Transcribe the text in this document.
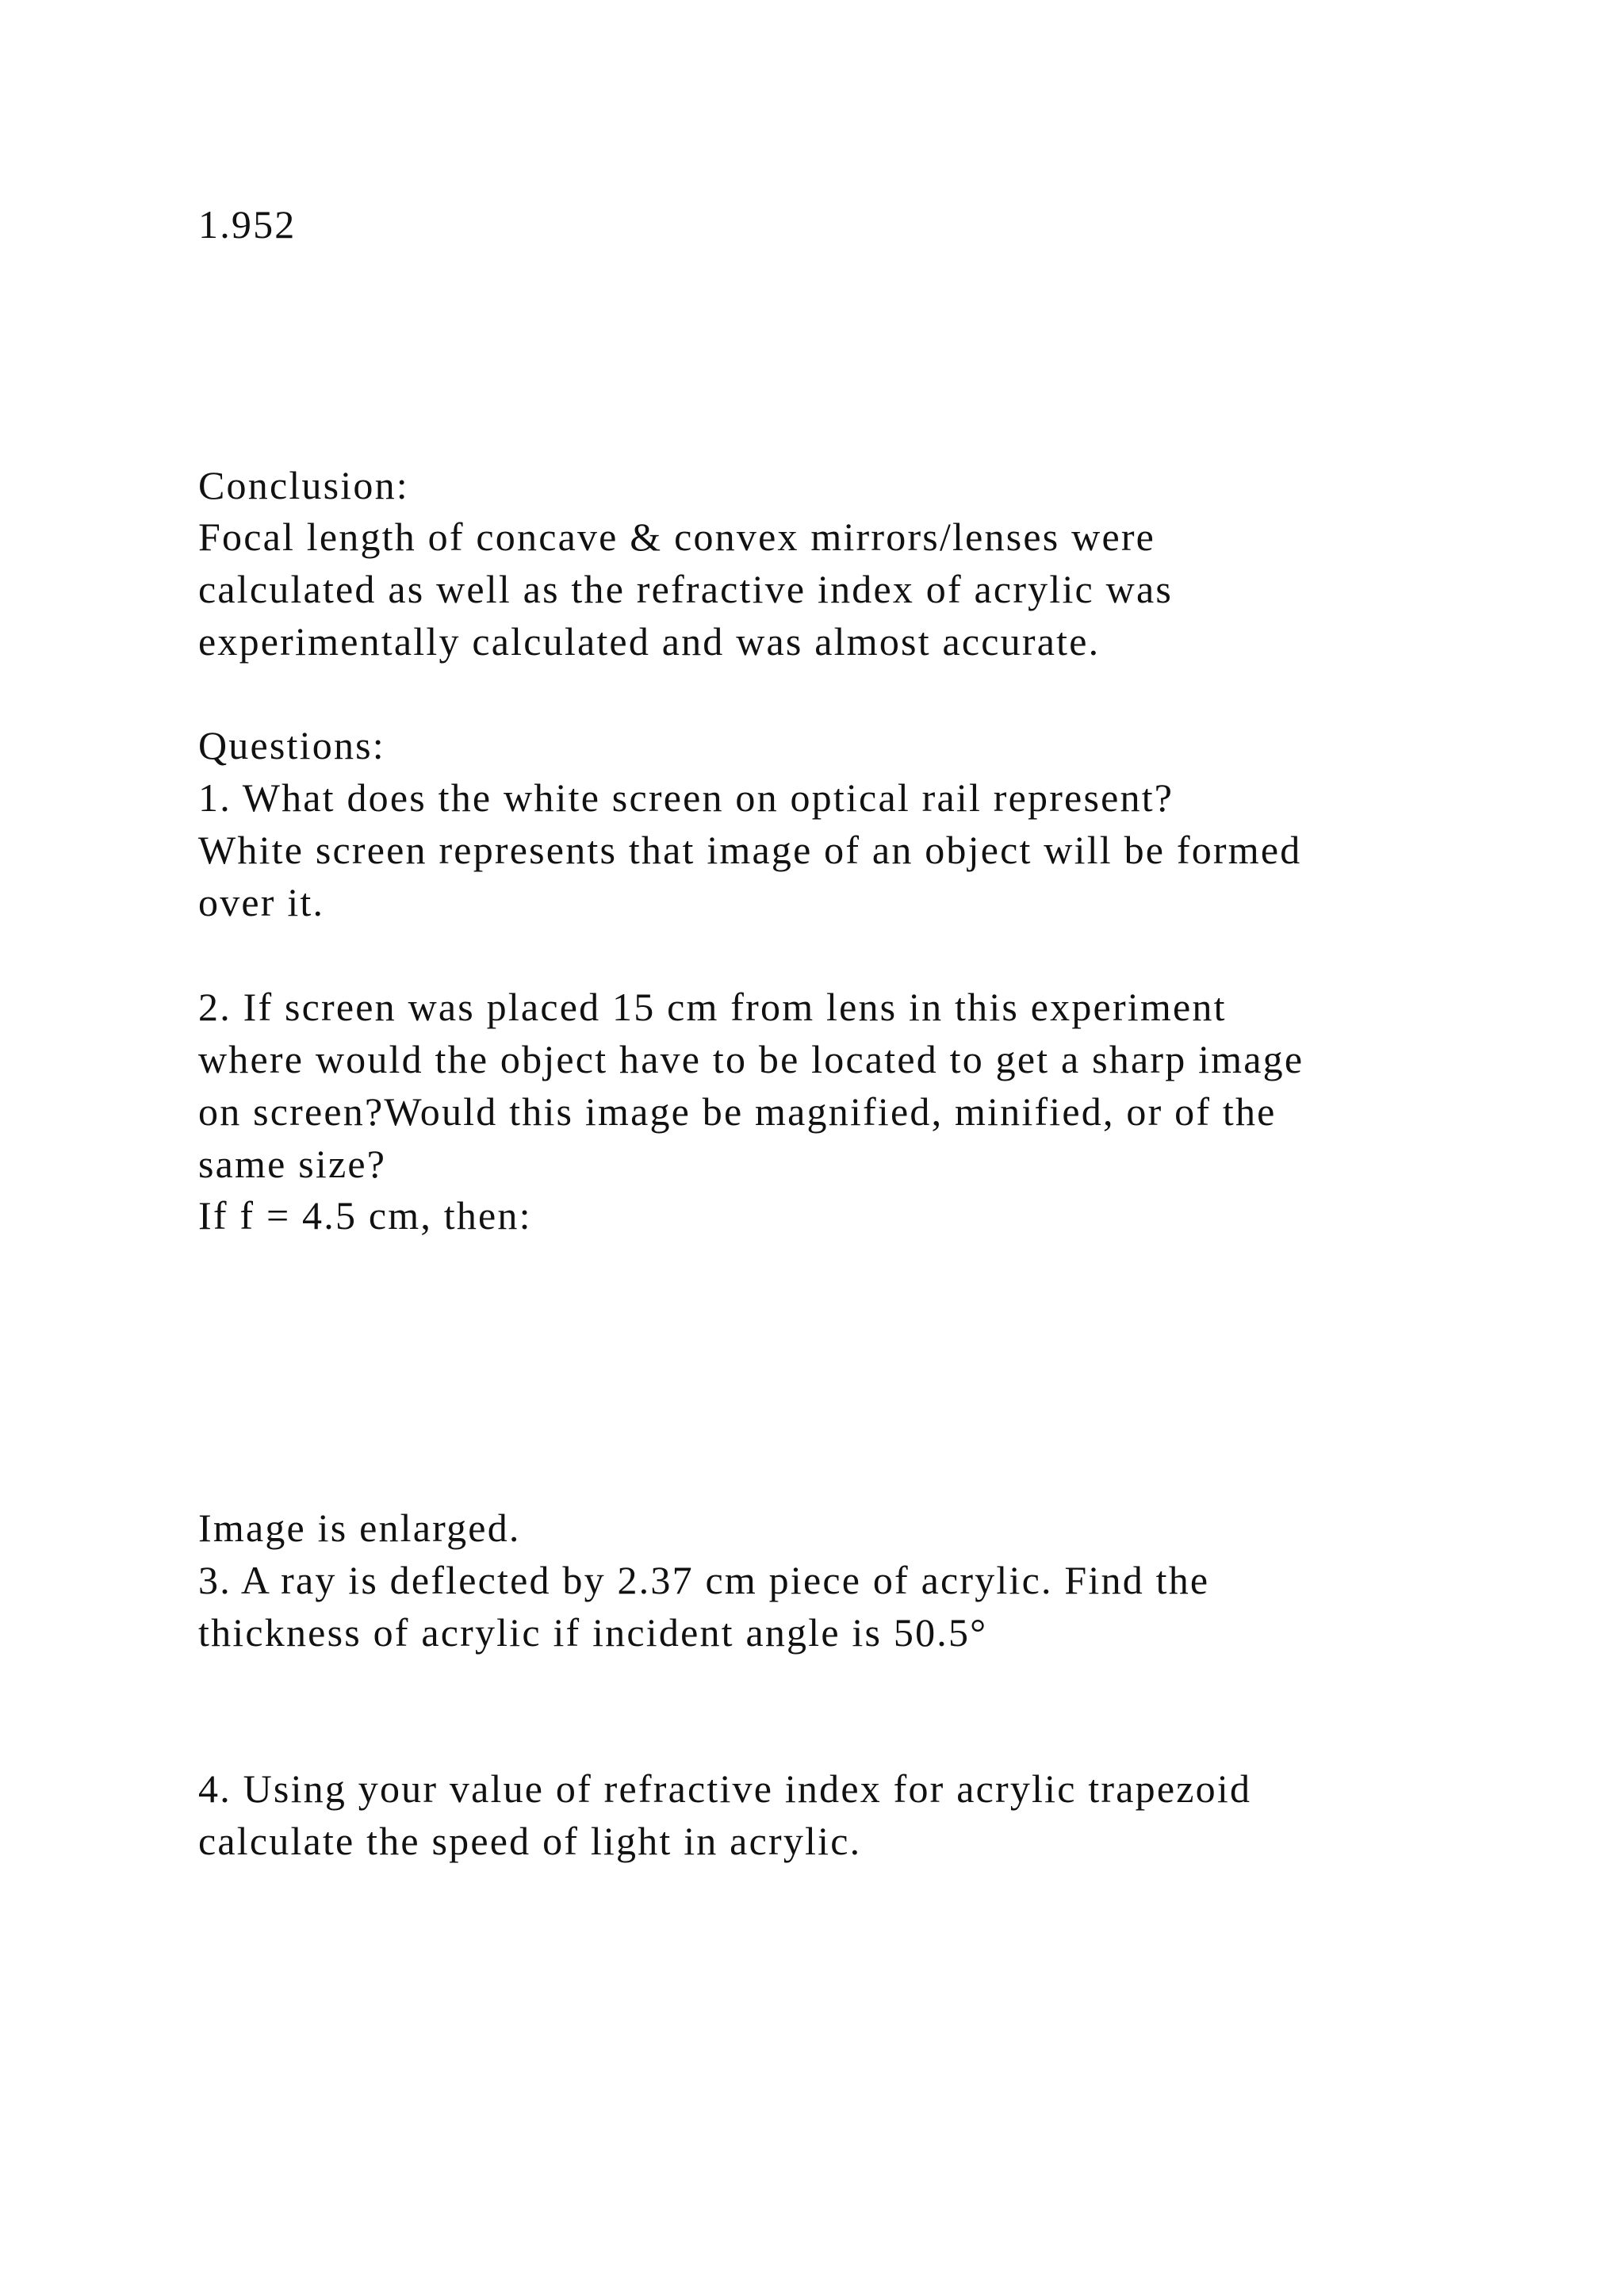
1.952

Conclusion:

Focal length of concave & convex mirrors/lenses were

calculated as well as the refractive index of acrylic was

experimentally calculated and was almost accurate.

Questions:

1. What does the white screen on optical rail represent?

White screen represents that image of an object will be formed

over it.

2. If screen was placed 15 cm from lens in this experiment

where would the object have to be located to get a sharp image

on screen?Would this image be magnified, minified, or of the

same size?

If f = 4.5 cm, then:

Image is enlarged.

3. A ray is deflected by 2.37 cm piece of acrylic. Find the

thickness of acrylic if incident angle is 50.5°

4. Using your value of refractive index for acrylic trapezoid

calculate the speed of light in acrylic.
